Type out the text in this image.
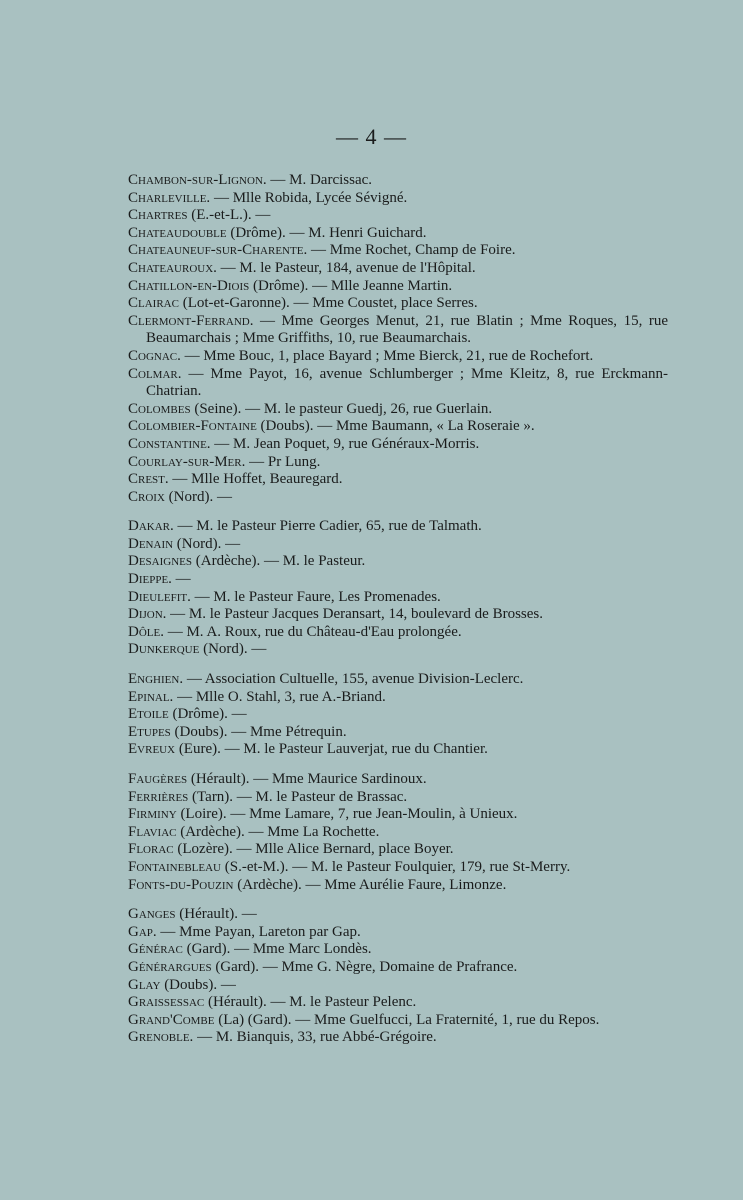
— 4 —
Chambon-sur-Lignon. — M. Darcissac.
Charleville. — Mlle Robida, Lycée Sévigné.
Chartres (E.-et-L.). —
Chateaudouble (Drôme). — M. Henri Guichard.
Chateauneuf-sur-Charente. — Mme Rochet, Champ de Foire.
Chateauroux. — M. le Pasteur, 184, avenue de l'Hôpital.
Chatillon-en-Diois (Drôme). — Mlle Jeanne Martin.
Clairac (Lot-et-Garonne). — Mme Coustet, place Serres.
Clermont-Ferrand. — Mme Georges Menut, 21, rue Blatin ; Mme Roques, 15, rue Beaumarchais ; Mme Griffiths, 10, rue Beaumarchais.
Cognac. — Mme Bouc, 1, place Bayard ; Mme Bierck, 21, rue de Rochefort.
Colmar. — Mme Payot, 16, avenue Schlumberger ; Mme Kleitz, 8, rue Erckmann-Chatrian.
Colombes (Seine). — M. le pasteur Guedj, 26, rue Guerlain.
Colombier-Fontaine (Doubs). — Mme Baumann, « La Roseraie ».
Constantine. — M. Jean Poquet, 9, rue Généraux-Morris.
Courlay-sur-Mer. — Pr Lung.
Crest. — Mlle Hoffet, Beauregard.
Croix (Nord). —
Dakar. — M. le Pasteur Pierre Cadier, 65, rue de Talmath.
Denain (Nord). —
Desaignes (Ardèche). — M. le Pasteur.
Dieppe. —
Dieulefit. — M. le Pasteur Faure, Les Promenades.
Dijon. — M. le Pasteur Jacques Deransart, 14, boulevard de Brosses.
Dôle. — M. A. Roux, rue du Château-d'Eau prolongée.
Dunkerque (Nord). —
Enghien. — Association Cultuelle, 155, avenue Division-Leclerc.
Epinal. — Mlle O. Stahl, 3, rue A.-Briand.
Etoile (Drôme). —
Etupes (Doubs). — Mme Pétrequin.
Evreux (Eure). — M. le Pasteur Lauverjat, rue du Chantier.
Faugères (Hérault). — Mme Maurice Sardinoux.
Ferrières (Tarn). — M. le Pasteur de Brassac.
Firminy (Loire). — Mme Lamare, 7, rue Jean-Moulin, à Unieux.
Flaviac (Ardèche). — Mme La Rochette.
Florac (Lozère). — Mlle Alice Bernard, place Boyer.
Fontainebleau (S.-et-M.). — M. le Pasteur Foulquier, 179, rue St-Merry.
Fonts-du-Pouzin (Ardèche). — Mme Aurélie Faure, Limonze.
Ganges (Hérault). —
Gap. — Mme Payan, Lareton par Gap.
Générac (Gard). — Mme Marc Londès.
Générargues (Gard). — Mme G. Nègre, Domaine de Prafrance.
Glay (Doubs). —
Graissessac (Hérault). — M. le Pasteur Pelenc.
Grand'Combe (La) (Gard). — Mme Guelfucci, La Fraternité, 1, rue du Repos.
Grenoble. — M. Bianquis, 33, rue Abbé-Grégoire.
